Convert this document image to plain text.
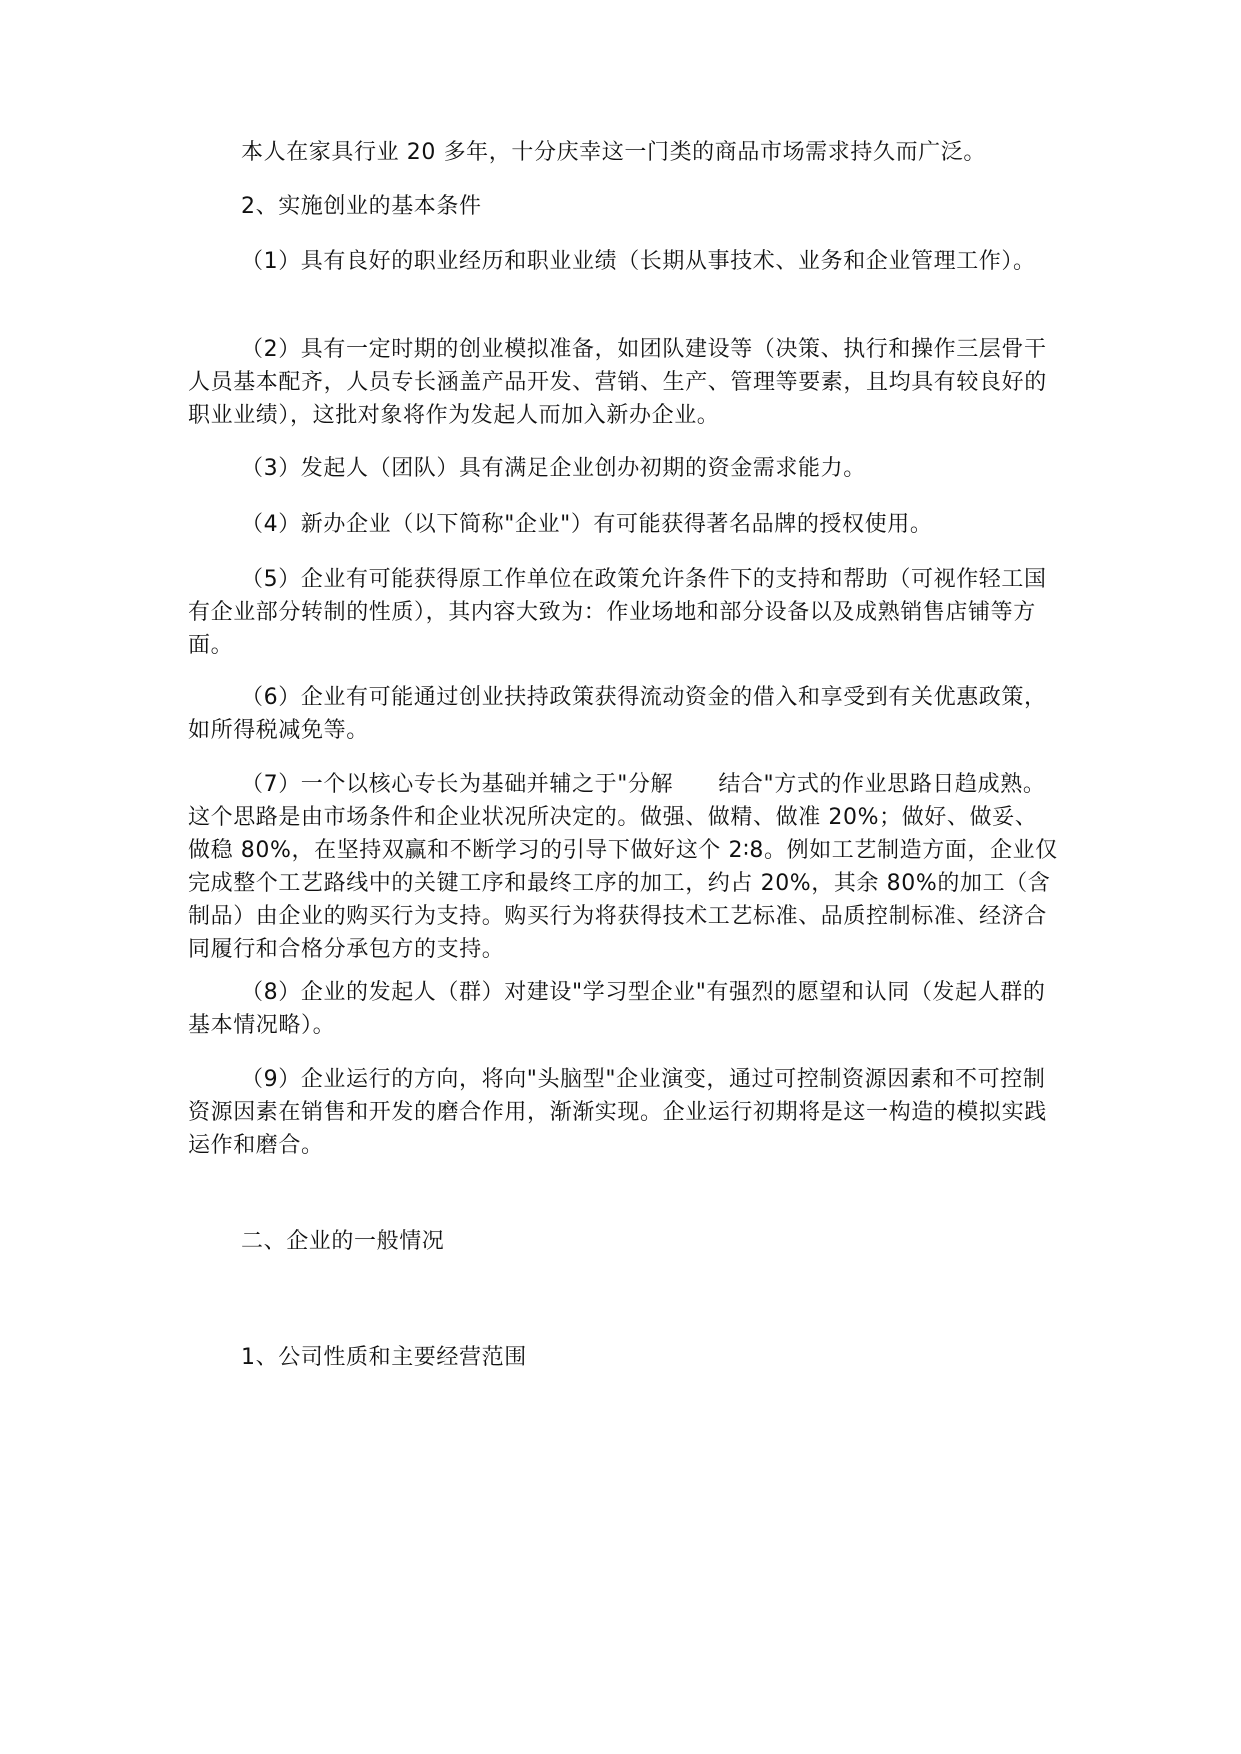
本人在家具行业 20 多年，十分庆幸这一门类的商品市场需求持久而广泛。

2、实施创业的基本条件

（1）具有良好的职业经历和职业业绩（长期从事技术、业务和企业管理工作）。

（2）具有一定时期的创业模拟准备，如团队建设等（决策、执行和操作三层骨干人员基本配齐，人员专长涵盖产品开发、营销、生产、管理等要素，且均具有较良好的职业业绩），这批对象将作为发起人而加入新办企业。

（3）发起人（团队）具有满足企业创办初期的资金需求能力。

（4）新办企业（以下简称"企业"）有可能获得著名品牌的授权使用。

（5）企业有可能获得原工作单位在政策允许条件下的支持和帮助（可视作轻工国有企业部分转制的性质），其内容大致为：作业场地和部分设备以及成熟销售店铺等方面。

（6）企业有可能通过创业扶持政策获得流动资金的借入和享受到有关优惠政策，如所得税减免等。

（7）一个以核心专长为基础并辅之于"分解　　结合"方式的作业思路日趋成熟。这个思路是由市场条件和企业状况所决定的。做强、做精、做准 20%；做好、做妥、做稳 80%，在坚持双赢和不断学习的引导下做好这个 2∶8。例如工艺制造方面，企业仅完成整个工艺路线中的关键工序和最终工序的加工，约占 20%，其余 80%的加工（含制品）由企业的购买行为支持。购买行为将获得技术工艺标准、品质控制标准、经济合同履行和合格分承包方的支持。

（8）企业的发起人（群）对建设"学习型企业"有强烈的愿望和认同（发起人群的基本情况略）。

（9）企业运行的方向，将向"头脑型"企业演变，通过可控制资源因素和不可控制资源因素在销售和开发的磨合作用，渐渐实现。企业运行初期将是这一构造的模拟实践运作和磨合。

二、企业的一般情况

1、公司性质和主要经营范围
